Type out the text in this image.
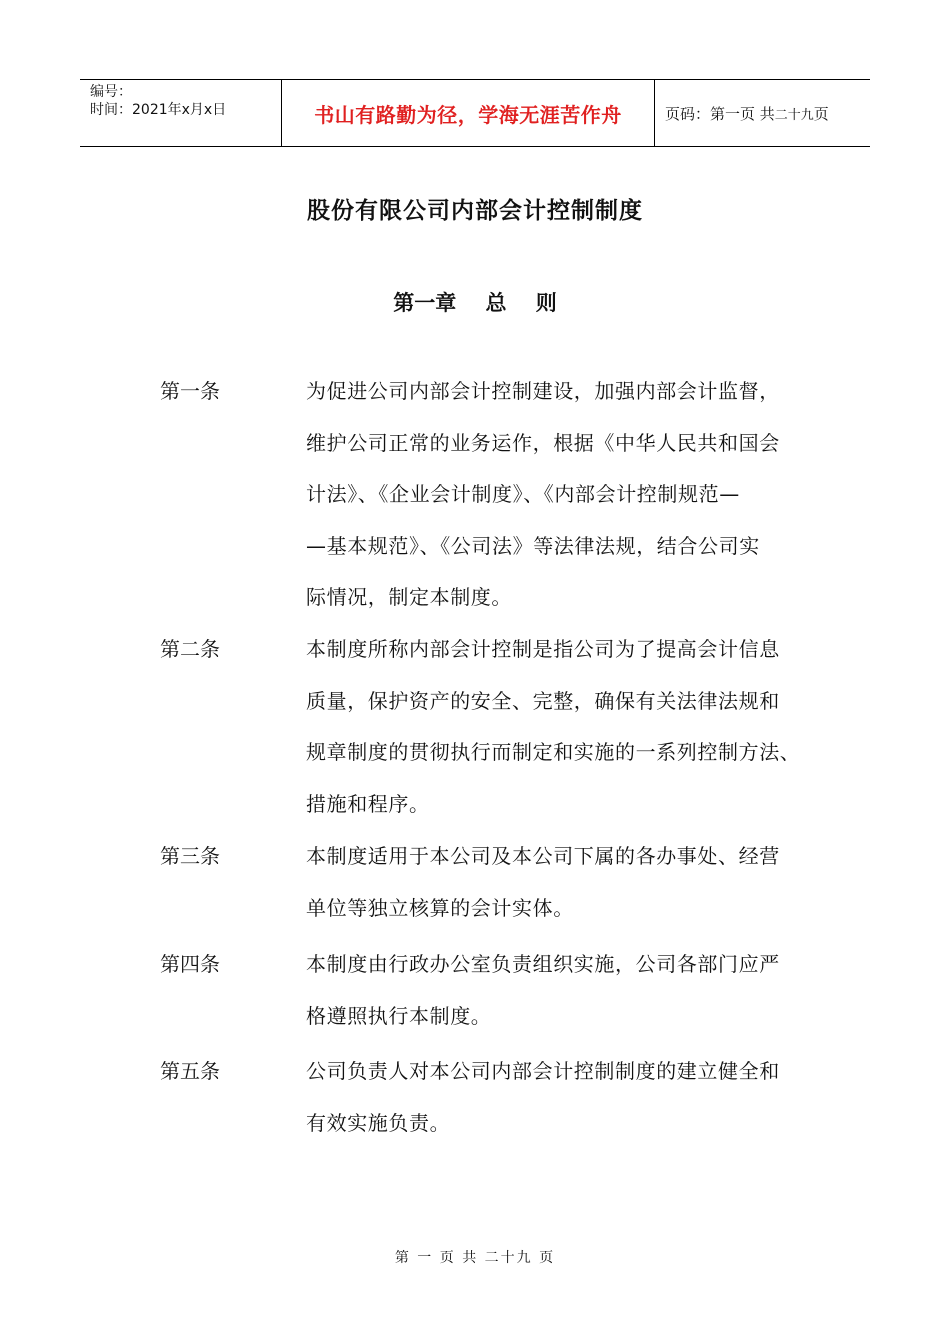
编号：
时间：2021年x月x日	书山有路勤为径，学海无涯苦作舟	页码：第一页 共二十九页
股份有限公司内部会计控制制度
第一章    总    则
第一条	为促进公司内部会计控制建设，加强内部会计监督，
维护公司正常的业务运作，根据《中华人民共和国会
计法》、《企业会计制度》、《内部会计控制规范—
—基本规范》、《公司法》等法律法规，结合公司实
际情况，制定本制度。
第二条	本制度所称内部会计控制是指公司为了提高会计信息
质量，保护资产的安全、完整，确保有关法律法规和
规章制度的贯彻执行而制定和实施的一系列控制方法、
措施和程序。
第三条	本制度适用于本公司及本公司下属的各办事处、经营
单位等独立核算的会计实体。
第四条	本制度由行政办公室负责组织实施，公司各部门应严
格遵照执行本制度。
第五条	公司负责人对本公司内部会计控制制度的建立健全和
有效实施负责。
第 一 页 共 二十九 页
